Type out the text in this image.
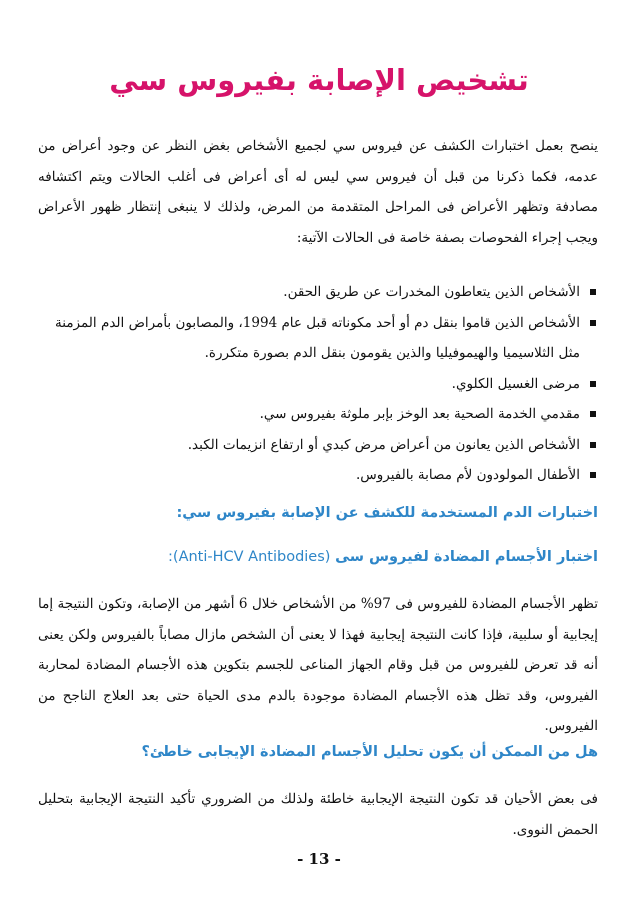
تشخيص الإصابة بفيروس سي

ينصح بعمل اختبارات الكشف عن فيروس سي لجميع الأشخاص بغض النظر عن وجود أعراض من عدمه، فكما ذكرنا من قبل أن فيروس سي ليس له أى أعراض فى أغلب الحالات ويتم اكتشافه مصادفة وتظهر الأعراض فى المراحل المتقدمة من المرض، ولذلك لا ينبغى إنتظار ظهور الأعراض ويجب إجراء الفحوصات بصفة خاصة فى الحالات الآتية:

الأشخاص الذين يتعاطون المخدرات عن طريق الحقن.
الأشخاص الذين قاموا بنقل دم أو أحد مكوناته قبل عام 1994، والمصابون بأمراض الدم المزمنة مثل الثلاسيميا والهيموفيليا والذين يقومون بنقل الدم بصورة متكررة.
مرضى الغسيل الكلوي.
مقدمي الخدمة الصحية بعد الوخز بإبر ملوثة بفيروس سي.
الأشخاص الذين يعانون من أعراض مرض كبدي أو ارتفاع انزيمات الكبد.
الأطفال المولودون لأم مصابة بالفيروس.
اختبارات الدم المستخدمة للكشف عن الإصابة بفيروس سي:
اختبار الأجسام المضادة لفيروس سى (Anti-HCV Antibodies):

تظهر الأجسام المضادة للفيروس فى 97% من الأشخاص خلال 6 أشهر من الإصابة، وتكون النتيجة إما إيجابية أو سلبية، فإذا كانت النتيجة إيجابية فهذا لا يعنى أن الشخص مازال مصاباً بالفيروس ولكن يعنى أنه قد تعرض للفيروس من قبل وقام الجهاز المناعى للجسم بتكوين هذه الأجسام المضادة لمحاربة الفيروس، وقد تظل هذه الأجسام المضادة موجودة بالدم مدى الحياة حتى بعد العلاج الناجح من الفيروس.

هل من الممكن أن يكون تحليل الأجسام المضادة الإيجابى خاطئ؟

فى بعض الأحيان قد تكون النتيجة الإيجابية خاطئة ولذلك من الضروري تأكيد النتيجة الإيجابية بتحليل الحمض النووى.

- 13 -
